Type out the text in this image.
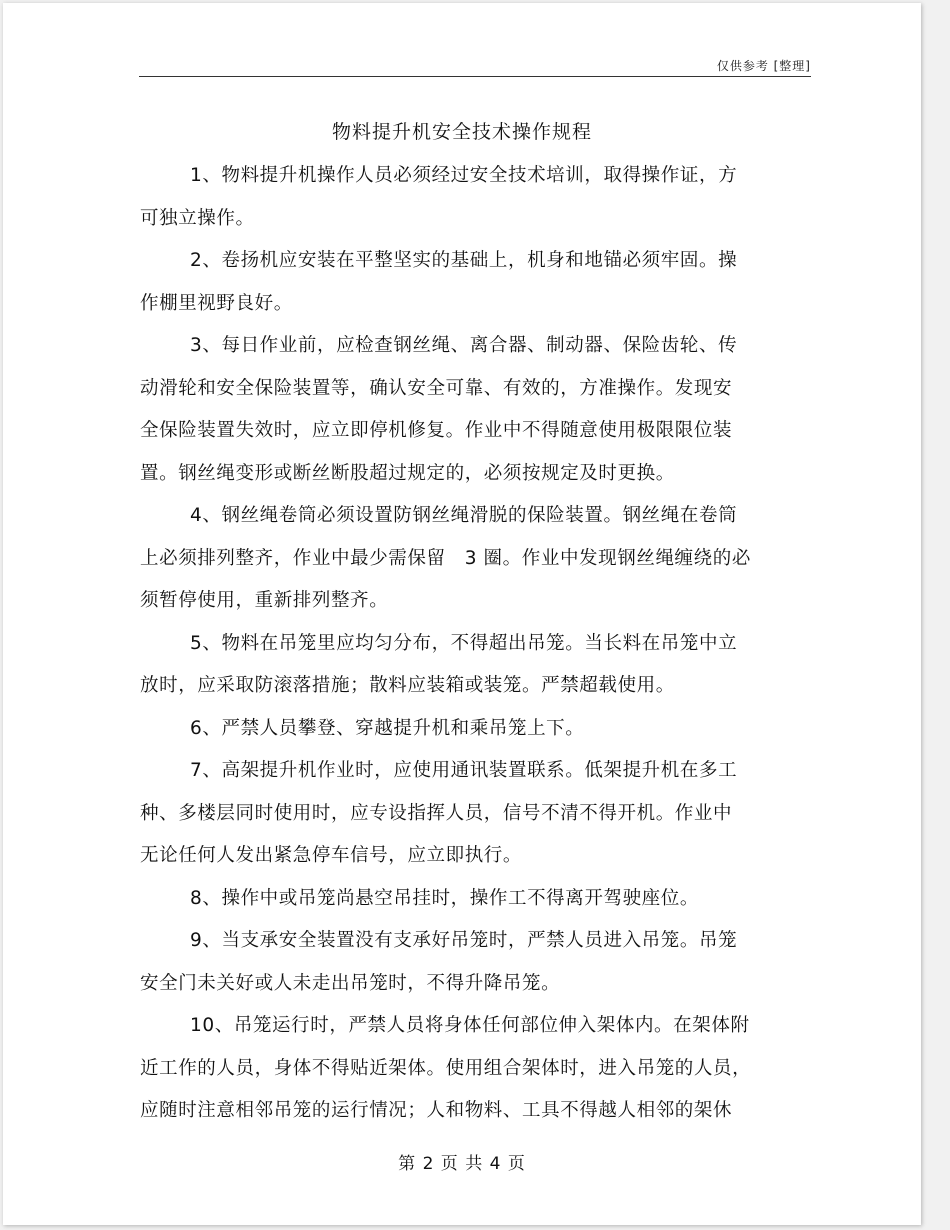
仅供参考 [整理]
物料提升机安全技术操作规程

1、物料提升机操作人员必须经过安全技术培训，取得操作证，方
可独立操作。

2、卷扬机应安装在平整坚实的基础上，机身和地锚必须牢固。操
作棚里视野良好。

3、每日作业前，应检查钢丝绳、离合器、制动器、保险齿轮、传
动滑轮和安全保险装置等，确认安全可靠、有效的，方准操作。发现安
全保险装置失效时，应立即停机修复。作业中不得随意使用极限限位装
置。钢丝绳变形或断丝断股超过规定的，必须按规定及时更换。

4、钢丝绳卷筒必须设置防钢丝绳滑脱的保险装置。钢丝绳在卷筒
上必须排列整齐，作业中最少需保留　3 圈。作业中发现钢丝绳缠绕的必
须暂停使用，重新排列整齐。

5、物料在吊笼里应均匀分布，不得超出吊笼。当长料在吊笼中立
放时，应采取防滚落措施；散料应装箱或装笼。严禁超载使用。

6、严禁人员攀登、穿越提升机和乘吊笼上下。

7、高架提升机作业时，应使用通讯装置联系。低架提升机在多工
种、多楼层同时使用时，应专设指挥人员，信号不清不得开机。作业中
无论任何人发出紧急停车信号，应立即执行。

8、操作中或吊笼尚悬空吊挂时，操作工不得离开驾驶座位。

9、当支承安全装置没有支承好吊笼时，严禁人员进入吊笼。吊笼
安全门未关好或人未走出吊笼时，不得升降吊笼。

10、吊笼运行时，严禁人员将身体任何部位伸入架体内。在架体附
近工作的人员，身体不得贴近架体。使用组合架体时，进入吊笼的人员，
应随时注意相邻吊笼的运行情况；人和物料、工具不得越人相邻的架休

第 2 页 共 4 页
